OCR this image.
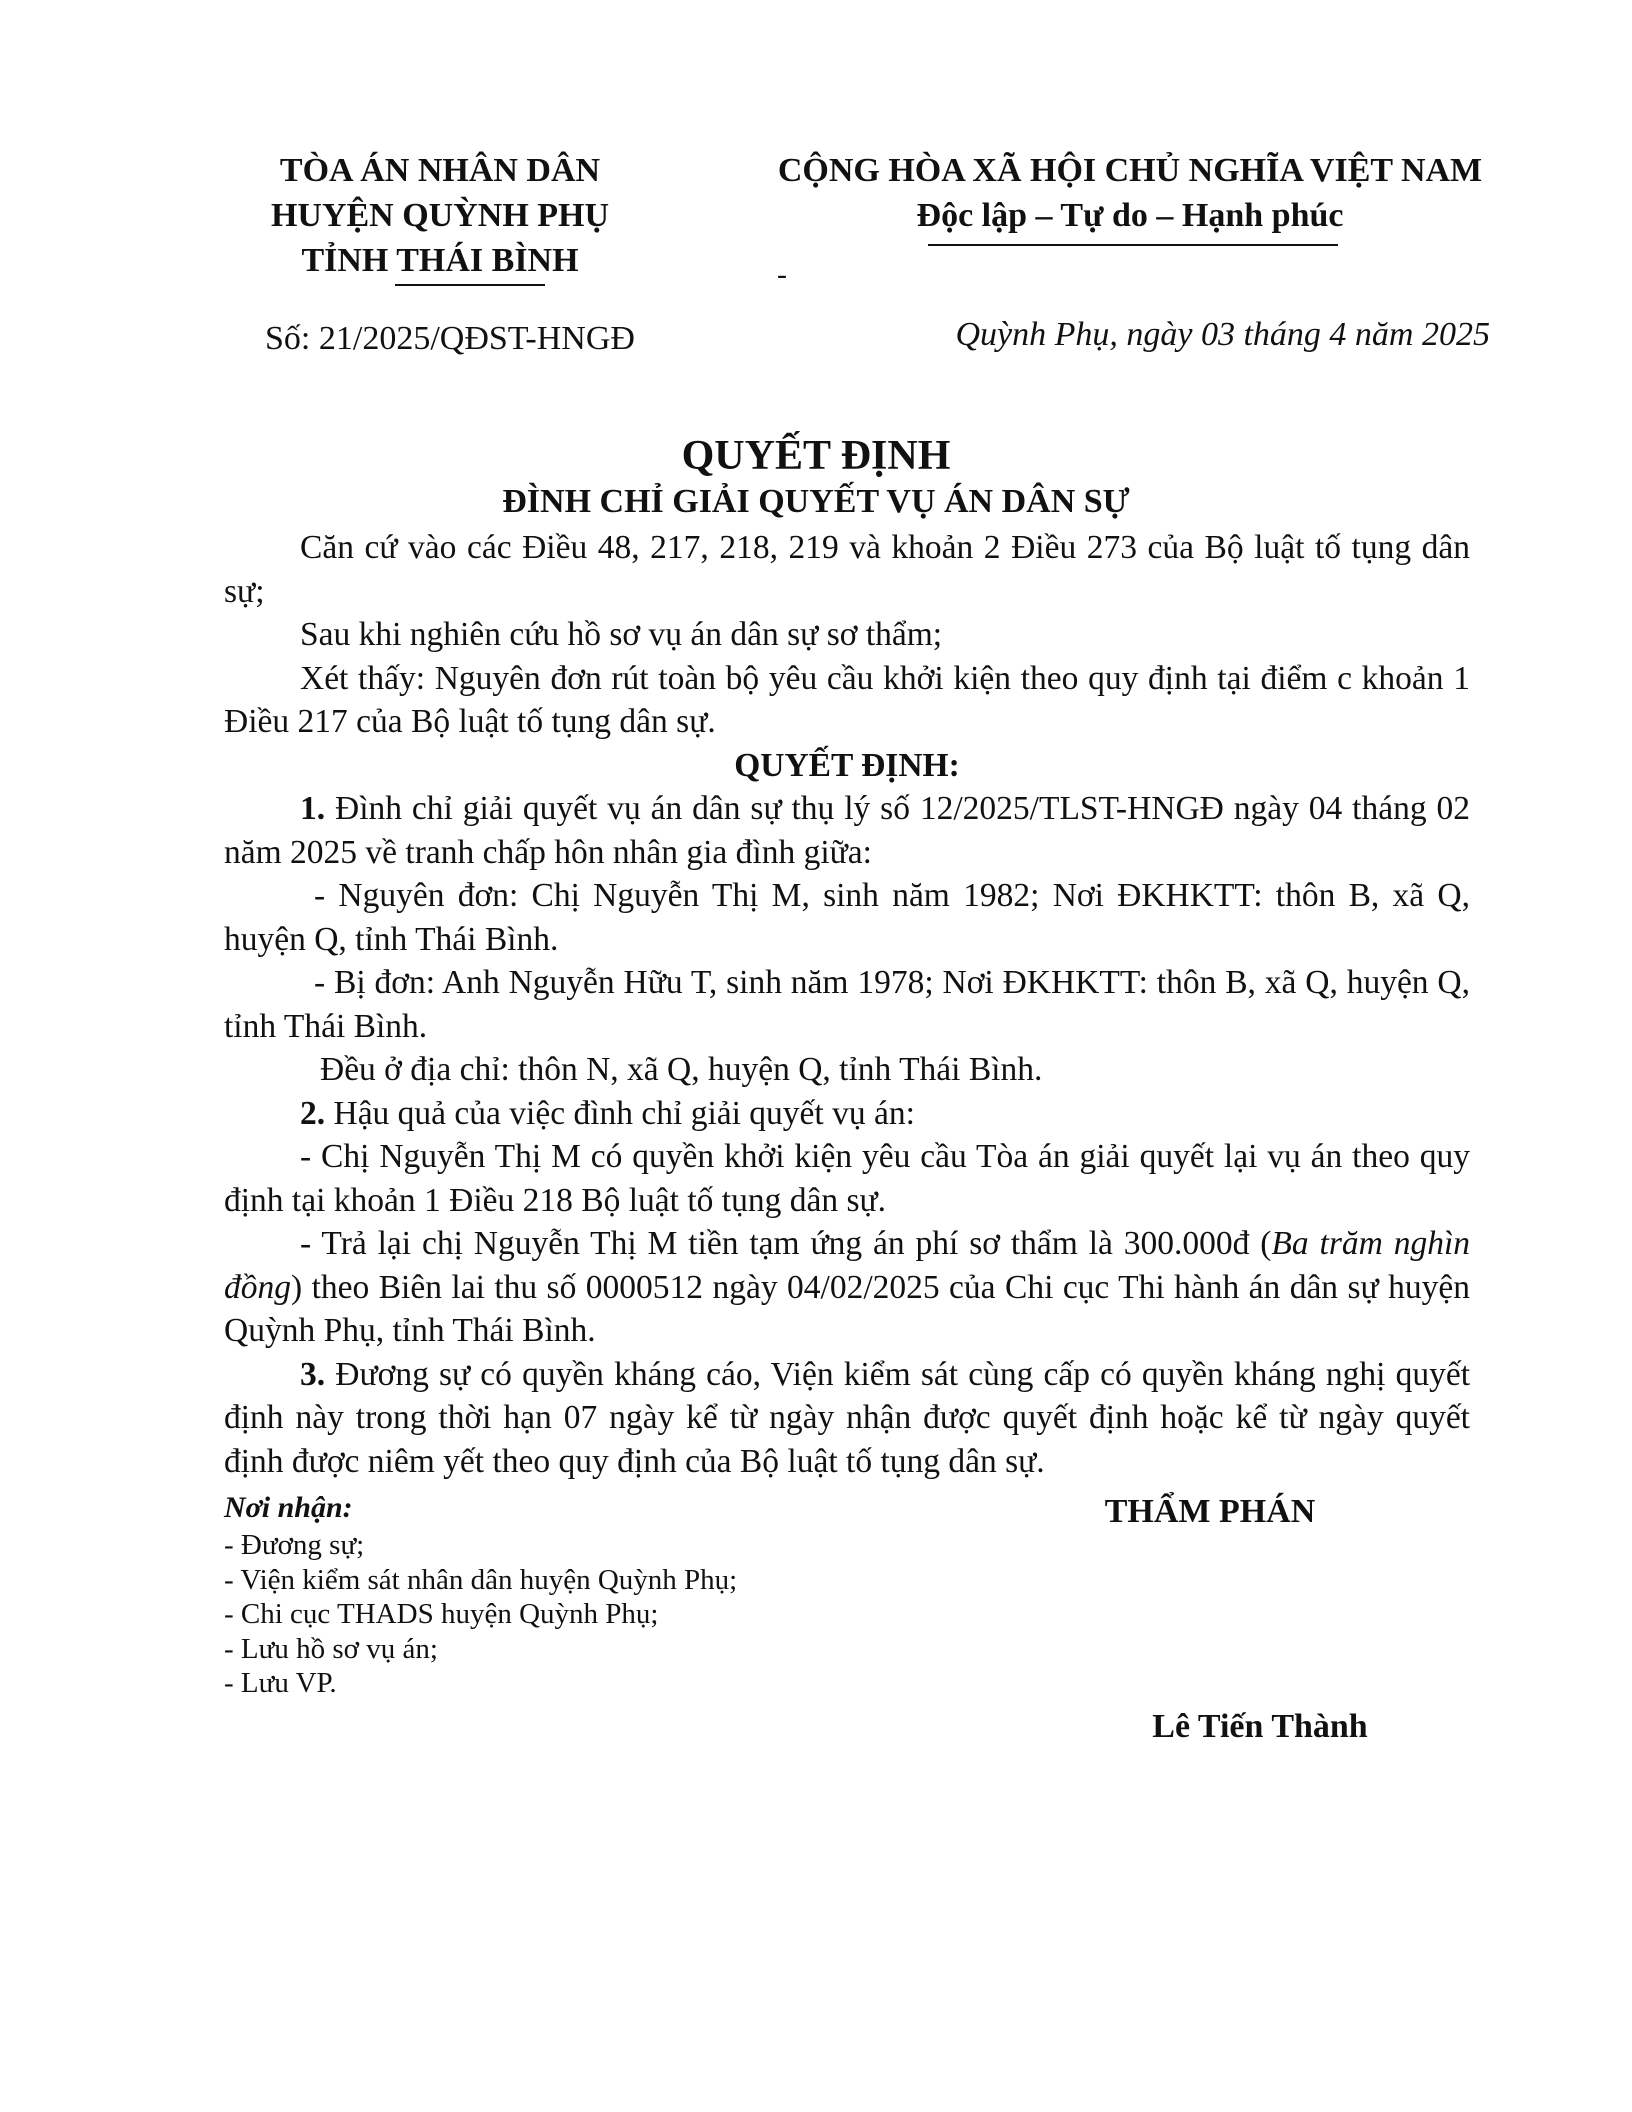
TÒA ÁN NHÂN DÂN
HUYỆN QUỲNH PHỤ
TỈNH THÁI BÌNH
Số: 21/2025/QĐST-HNGĐ
CỘNG HÒA XÃ HỘI CHỦ NGHĨA VIỆT NAM
Độc lập – Tự do – Hạnh phúc
-
Quỳnh Phụ, ngày 03 tháng 4 năm 2025
QUYẾT ĐỊNH
ĐÌNH CHỈ GIẢI QUYẾT VỤ ÁN DÂN SỰ

Căn cứ vào các Điều 48, 217, 218, 219 và khoản 2 Điều 273 của Bộ luật tố tụng dân sự;

Sau khi nghiên cứu hồ sơ vụ án dân sự sơ thẩm;

Xét thấy: Nguyên đơn rút toàn bộ yêu cầu khởi kiện theo quy định tại điểm c khoản 1 Điều 217 của Bộ luật tố tụng dân sự.

QUYẾT ĐỊNH:

1. Đình chỉ giải quyết vụ án dân sự thụ lý số 12/2025/TLST-HNGĐ ngày 04 tháng 02 năm 2025 về tranh chấp hôn nhân gia đình giữa:

- Nguyên đơn: Chị Nguyễn Thị M, sinh năm 1982; Nơi ĐKHKTT: thôn B, xã Q, huyện Q, tỉnh Thái Bình.

- Bị đơn: Anh Nguyễn Hữu T, sinh năm 1978; Nơi ĐKHKTT: thôn B, xã Q, huyện Q, tỉnh Thái Bình.

Đều ở địa chỉ: thôn N, xã Q, huyện Q, tỉnh Thái Bình.

2. Hậu quả của việc đình chỉ giải quyết vụ án:

- Chị Nguyễn Thị M có quyền khởi kiện yêu cầu Tòa án giải quyết lại vụ án theo quy định tại khoản 1 Điều 218 Bộ luật tố tụng dân sự.

- Trả lại chị Nguyễn Thị M tiền tạm ứng án phí sơ thẩm là 300.000đ (Ba trăm nghìn đồng) theo Biên lai thu số 0000512 ngày 04/02/2025 của Chi cục Thi hành án dân sự huyện Quỳnh Phụ, tỉnh Thái Bình.

3. Đương sự có quyền kháng cáo, Viện kiểm sát cùng cấp có quyền kháng nghị quyết định này trong thời hạn 07 ngày kể từ ngày nhận được quyết định hoặc kể từ ngày quyết định được niêm yết theo quy định của Bộ luật tố tụng dân sự.

Nơi nhận:
- Đương sự;
- Viện kiểm sát nhân dân huyện Quỳnh Phụ;
- Chi cục THADS huyện Quỳnh Phụ;
- Lưu hồ sơ vụ án;
- Lưu VP.
THẨM PHÁN
Lê Tiến Thành
